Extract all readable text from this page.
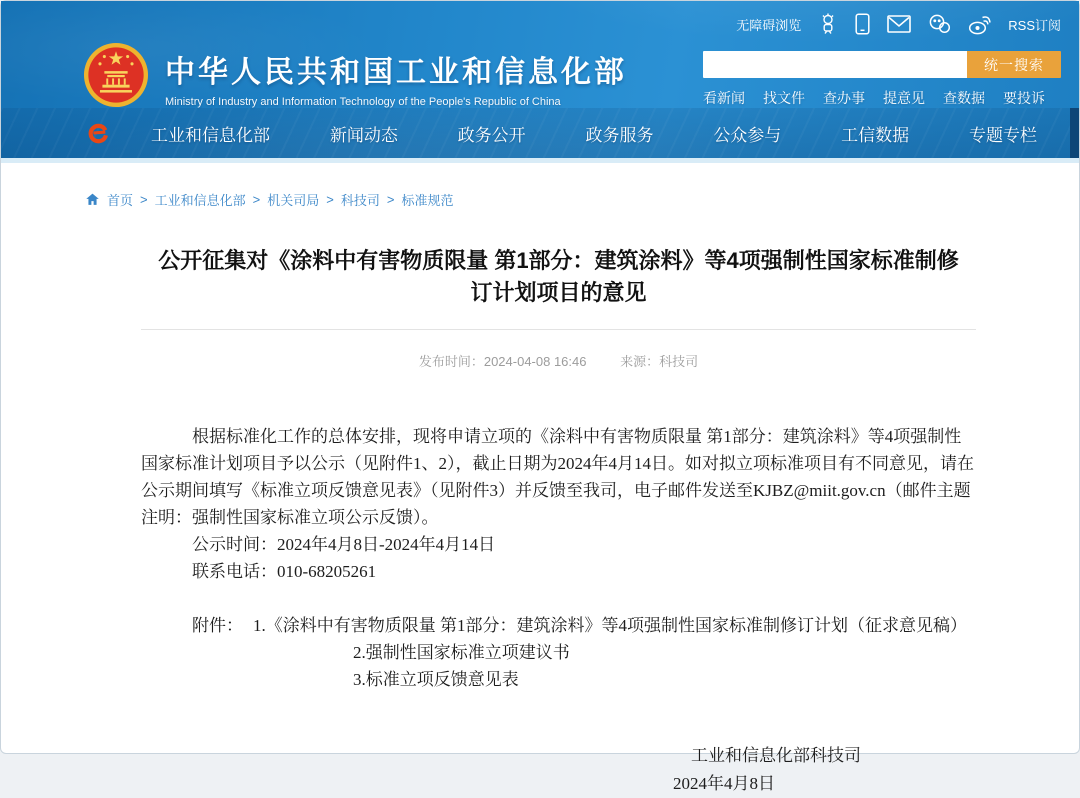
无障碍浏览	RSS订阅
中华人民共和国工业和信息化部
Ministry of Industry and Information Technology of the People's Republic of China
统一搜索
看新闻 找文件 查办事 提意见 查数据 要投诉
工业和信息化部	新闻动态	政务公开	政务服务	公众参与	工信数据	专题专栏
首页 > 工业和信息化部 > 机关司局 > 科技司 > 标准规范
公开征集对《涂料中有害物质限量 第1部分：建筑涂料》等4项强制性国家标准制修订计划项目的意见
发布时间：2024-04-08 16:46	来源：科技司

根据标准化工作的总体安排，现将申请立项的《涂料中有害物质限量 第1部分：建筑涂料》等4项强制性国家标准计划项目予以公示（见附件1、2），截止日期为2024年4月14日。如对拟立项标准项目有不同意见，请在公示期间填写《标准立项反馈意见表》（见附件3）并反馈至我司，电子邮件发送至KJBZ@miit.gov.cn（邮件主题注明：强制性国家标准立项公示反馈）。

公示时间：2024年4月8日-2024年4月14日

联系电话：010-68205261

附件： 1.《涂料中有害物质限量 第1部分：建筑涂料》等4项强制性国家标准制修订计划（征求意见稿）
2.强制性国家标准立项建议书
3.标准立项反馈意见表
工业和信息化部科技司
2024年4月8日
